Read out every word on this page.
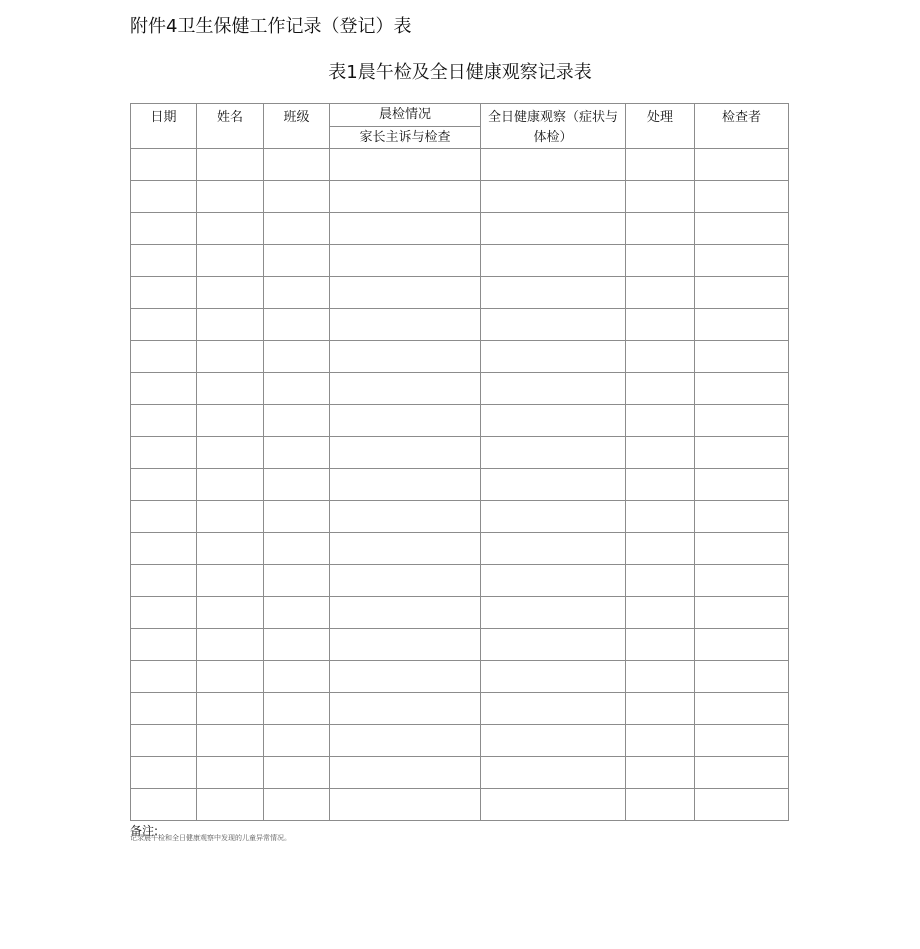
附件4卫生保健工作记录（登记）表
表1晨午检及全日健康观察记录表
日期	姓名	班级	晨检情况	全日健康观察（症状与体检）	处理	检查者
			家长主诉与检查			

备注:
记录晨午检和全日健康观察中发现的儿童异常情况。
